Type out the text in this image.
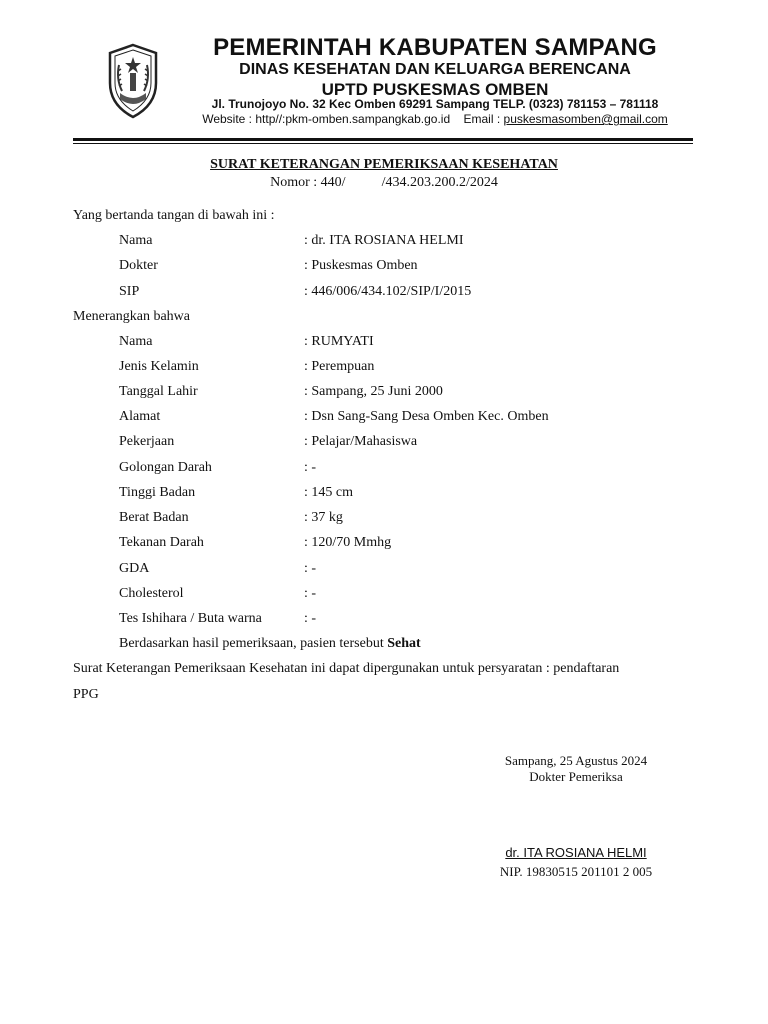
PEMERINTAH KABUPATEN SAMPANG
DINAS KESEHATAN DAN KELUARGA BERENCANA
UPTD PUSKESMAS OMBEN
Jl. Trunojoyo No. 32 Kec Omben 69291 Sampang TELP. (0323) 781153 – 781118
Website : http//:pkm-omben.sampangkab.go.id Email : puskesmasomben@gmail.com
SURAT KETERANGAN PEMERIKSAAN KESEHATAN
Nomor : 440/	/434.203.200.2/2024
Yang bertanda tangan di bawah ini :
Nama	: dr. ITA ROSIANA HELMI
Dokter	: Puskesmas Omben
SIP	: 446/006/434.102/SIP/I/2015
Menerangkan bahwa
Nama	: RUMYATI
Jenis Kelamin	: Perempuan
Tanggal Lahir	: Sampang, 25 Juni 2000
Alamat	: Dsn Sang-Sang Desa Omben Kec. Omben
Pekerjaan	: Pelajar/Mahasiswa
Golongan Darah	: -
Tinggi Badan	: 145 cm
Berat Badan	: 37 kg
Tekanan Darah	: 120/70 Mmhg
GDA	: -
Cholesterol	: -
Tes Ishihara / Buta warna	: -
Berdasarkan hasil pemeriksaan, pasien tersebut Sehat
Surat Keterangan Pemeriksaan Kesehatan ini dapat dipergunakan untuk persyaratan : pendaftaran
PPG
Sampang, 25 Agustus 2024
Dokter Pemeriksa
dr. ITA ROSIANA HELMI
NIP. 19830515 201101 2 005
